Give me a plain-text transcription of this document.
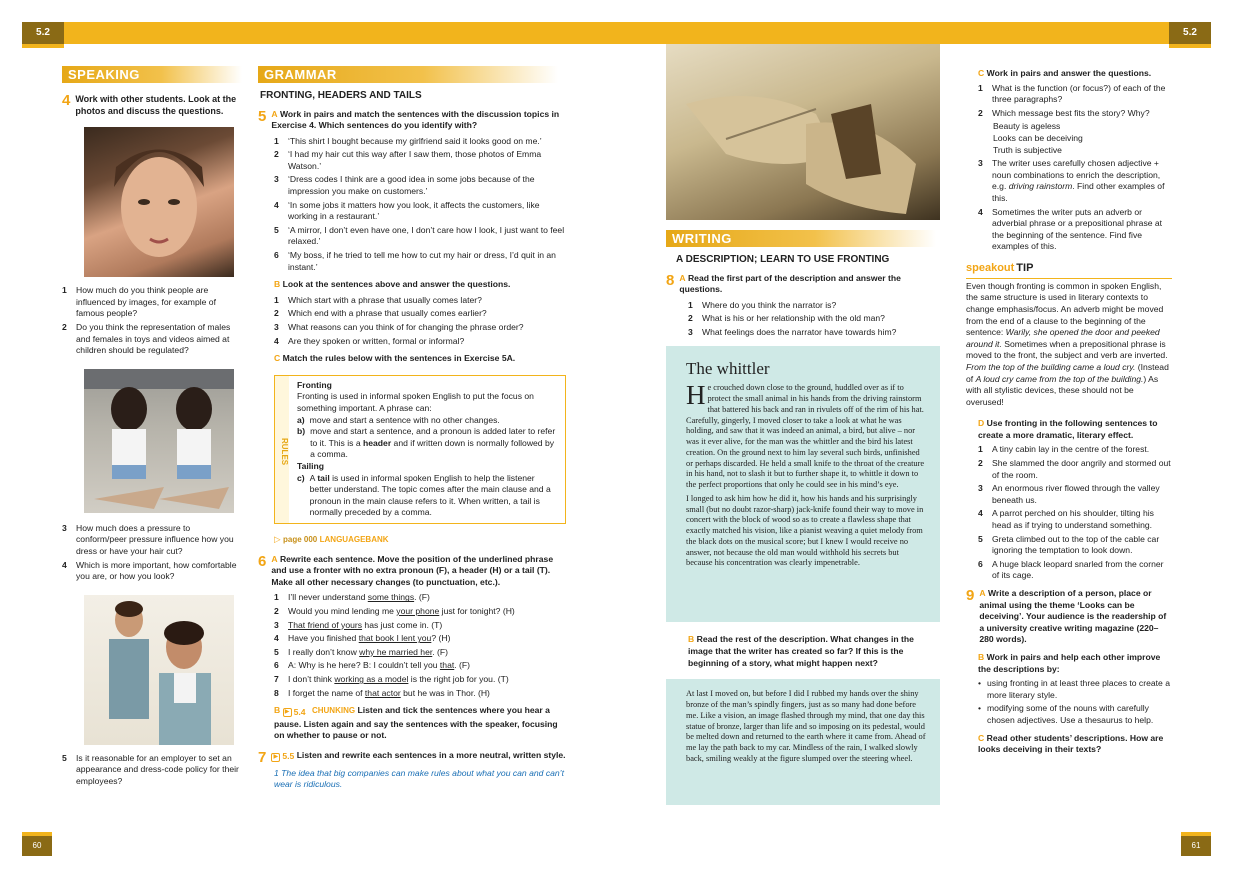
5.2	5.2
SPEAKING
4 Work with other students. Look at the photos and discuss the questions.
1	How much do you think people are influenced by images, for example of famous people?
2	Do you think the representation of males and females in toys and videos aimed at children should be regulated?
3	How much does a pressure to conform/peer pressure influence how you dress or have your hair cut?
4	Which is more important, how comfortable you are, or how you look?
5	Is it reasonable for an employer to set an appearance and dress-code policy for their employees?
GRAMMAR
FRONTING, HEADERS AND TAILS
5 A Work in pairs and match the sentences with the discussion topics in Exercise 4. Which sentences do you identify with?
1	‘This shirt I bought because my girlfriend said it looks good on me.’
2	‘I had my hair cut this way after I saw them, those photos of Emma Watson.’
3	‘Dress codes I think are a good idea in some jobs because of the impression you make on customers.’
4	‘In some jobs it matters how you look, it affects the customers, like working in a restaurant.’
5	‘A mirror, I don’t even have one, I don’t care how I look, I just want to feel relaxed.’
6	‘My boss, if he tried to tell me how to cut my hair or dress, I’d quit in an instant.’
B Look at the sentences above and answer the questions.
1	Which start with a phrase that usually comes later?
2	Which end with a phrase that usually comes earlier?
3	What reasons can you think of for changing the phrase order?
4	Are they spoken or written, formal or informal?
C Match the rules below with the sentences in Exercise 5A.
RULES
Fronting
Fronting is used in informal spoken English to put the focus on something important. A phrase can:
a) move and start a sentence with no other changes.
b) move and start a sentence, and a pronoun is added later to refer to it. This is a header and if written down is normally followed by a comma.
Tailing
c) A tail is used in informal spoken English to help the listener better understand. The topic comes after the main clause and a pronoun in the main clause refers to it. When written, a tail is normally preceded by a comma.
▷ page 000 LANGUAGEBANK
6 A Rewrite each sentence. Move the position of the underlined phrase and use a fronter with no extra pronoun (F), a header (H) or a tail (T). Make all other necessary changes (to punctuation, etc.).
1	I’ll never understand some things. (F)
2	Would you mind lending me your phone just for tonight? (H)
3	That friend of yours has just come in. (T)
4	Have you finished that book I lent you? (H)
5	I really don’t know why he married her. (F)
6	A: Why is he here? B: I couldn’t tell you that. (F)
7	I don’t think working as a model is the right job for you. (T)
8	I forget the name of that actor but he was in Thor. (H)
B ▶ 5.4 CHUNKING Listen and tick the sentences where you hear a pause. Listen again and say the sentences with the speaker, focusing on whether to pause or not.
7	▶ 5.5 Listen and rewrite each sentences in a more neutral, written style.
1 The idea that big companies can make rules about what you can and can’t wear is ridiculous.
WRITING
A DESCRIPTION; LEARN TO USE FRONTING
8 A Read the first part of the description and answer the questions.
1	Where do you think the narrator is?
2	What is his or her relationship with the old man?
3	What feelings does the narrator have towards him?
The whittler
He crouched down close to the ground, huddled over as if to protect the small animal in his hands from the driving rainstorm that battered his back and ran in rivulets off of the rim of his hat. Carefully, gingerly, I moved closer to take a look at what he was holding, and saw that it was indeed an animal, a bird, but alive – nor was it ever alive, for the man was the whittler and the bird his latest creation. On the ground next to him lay several such birds, unfinished or perhaps discarded. He held a small knife to the throat of the creature in his hand, not to slash it but to further shape it, to whittle it down to the perfect proportions that only he could see in his mind’s eye.
I longed to ask him how he did it, how his hands and his surprisingly small (but no doubt razor-sharp) jack-knife found their way to move in concert with the block of wood so as to create a flawless shape that exactly matched his vision, like a pianist weaving a quiet melody from the black dots on the musical score; but I knew I would receive no answer, not because the old man would withhold his secrets but because his concentration was clearly impenetrable.
B Read the rest of the description. What changes in the image that the writer has created so far? If this is the beginning of a story, what might happen next?
At last I moved on, but before I did I rubbed my hands over the shiny bronze of the man’s spindly fingers, just as so many had done before me. Like a vision, an image flashed through my mind, that one day this statue of bronze, larger than life and so imposing on its pedestal, would be melted down and returned to the earth where it came from. Ahead of me lay the path back to my car. Mindless of the rain, I walked slowly back, smiling weakly at the figure slumped over the steering wheel.
C Work in pairs and answer the questions.
1	What is the function (or focus?) of each of the three paragraphs?
2	Which message best fits the story? Why?
Beauty is ageless
Looks can be deceiving
Truth is subjective
3	The writer uses carefully chosen adjective + noun combinations to enrich the description, e.g. driving rainstorm. Find other examples of this.
4	Sometimes the writer puts an adverb or adverbial phrase or a prepositional phrase at the beginning of the sentence. Find five examples of this.
speakout TIP
Even though fronting is common in spoken English, the same structure is used in literary contexts to change emphasis/focus. An adverb might be moved from the end of a clause to the beginning of the sentence: Warily, she opened the door and peeked around it. Sometimes when a prepositional phrase is moved to the front, the subject and verb are inverted. From the top of the building came a loud cry. (Instead of A loud cry came from the top of the building.) As with all stylistic devices, these should not be overused!
D Use fronting in the following sentences to create a more dramatic, literary effect.
1	A tiny cabin lay in the centre of the forest.
2	She slammed the door angrily and stormed out of the room.
3	An enormous river flowed through the valley beneath us.
4	A parrot perched on his shoulder, tilting his head as if trying to understand something.
5	Greta climbed out to the top of the cable car ignoring the temptation to look down.
6	A huge black leopard snarled from the corner of its cage.
9 A Write a description of a person, place or animal using the theme ‘Looks can be deceiving’. Your audience is the readership of a university creative writing magazine (220–280 words).
B Work in pairs and help each other improve the descriptions by:
• using fronting in at least three places to create a more literary style.
• modifying some of the nouns with carefully chosen adjectives. Use a thesaurus to help.
C Read other students’ descriptions. How are looks deceiving in their texts?
60	61
